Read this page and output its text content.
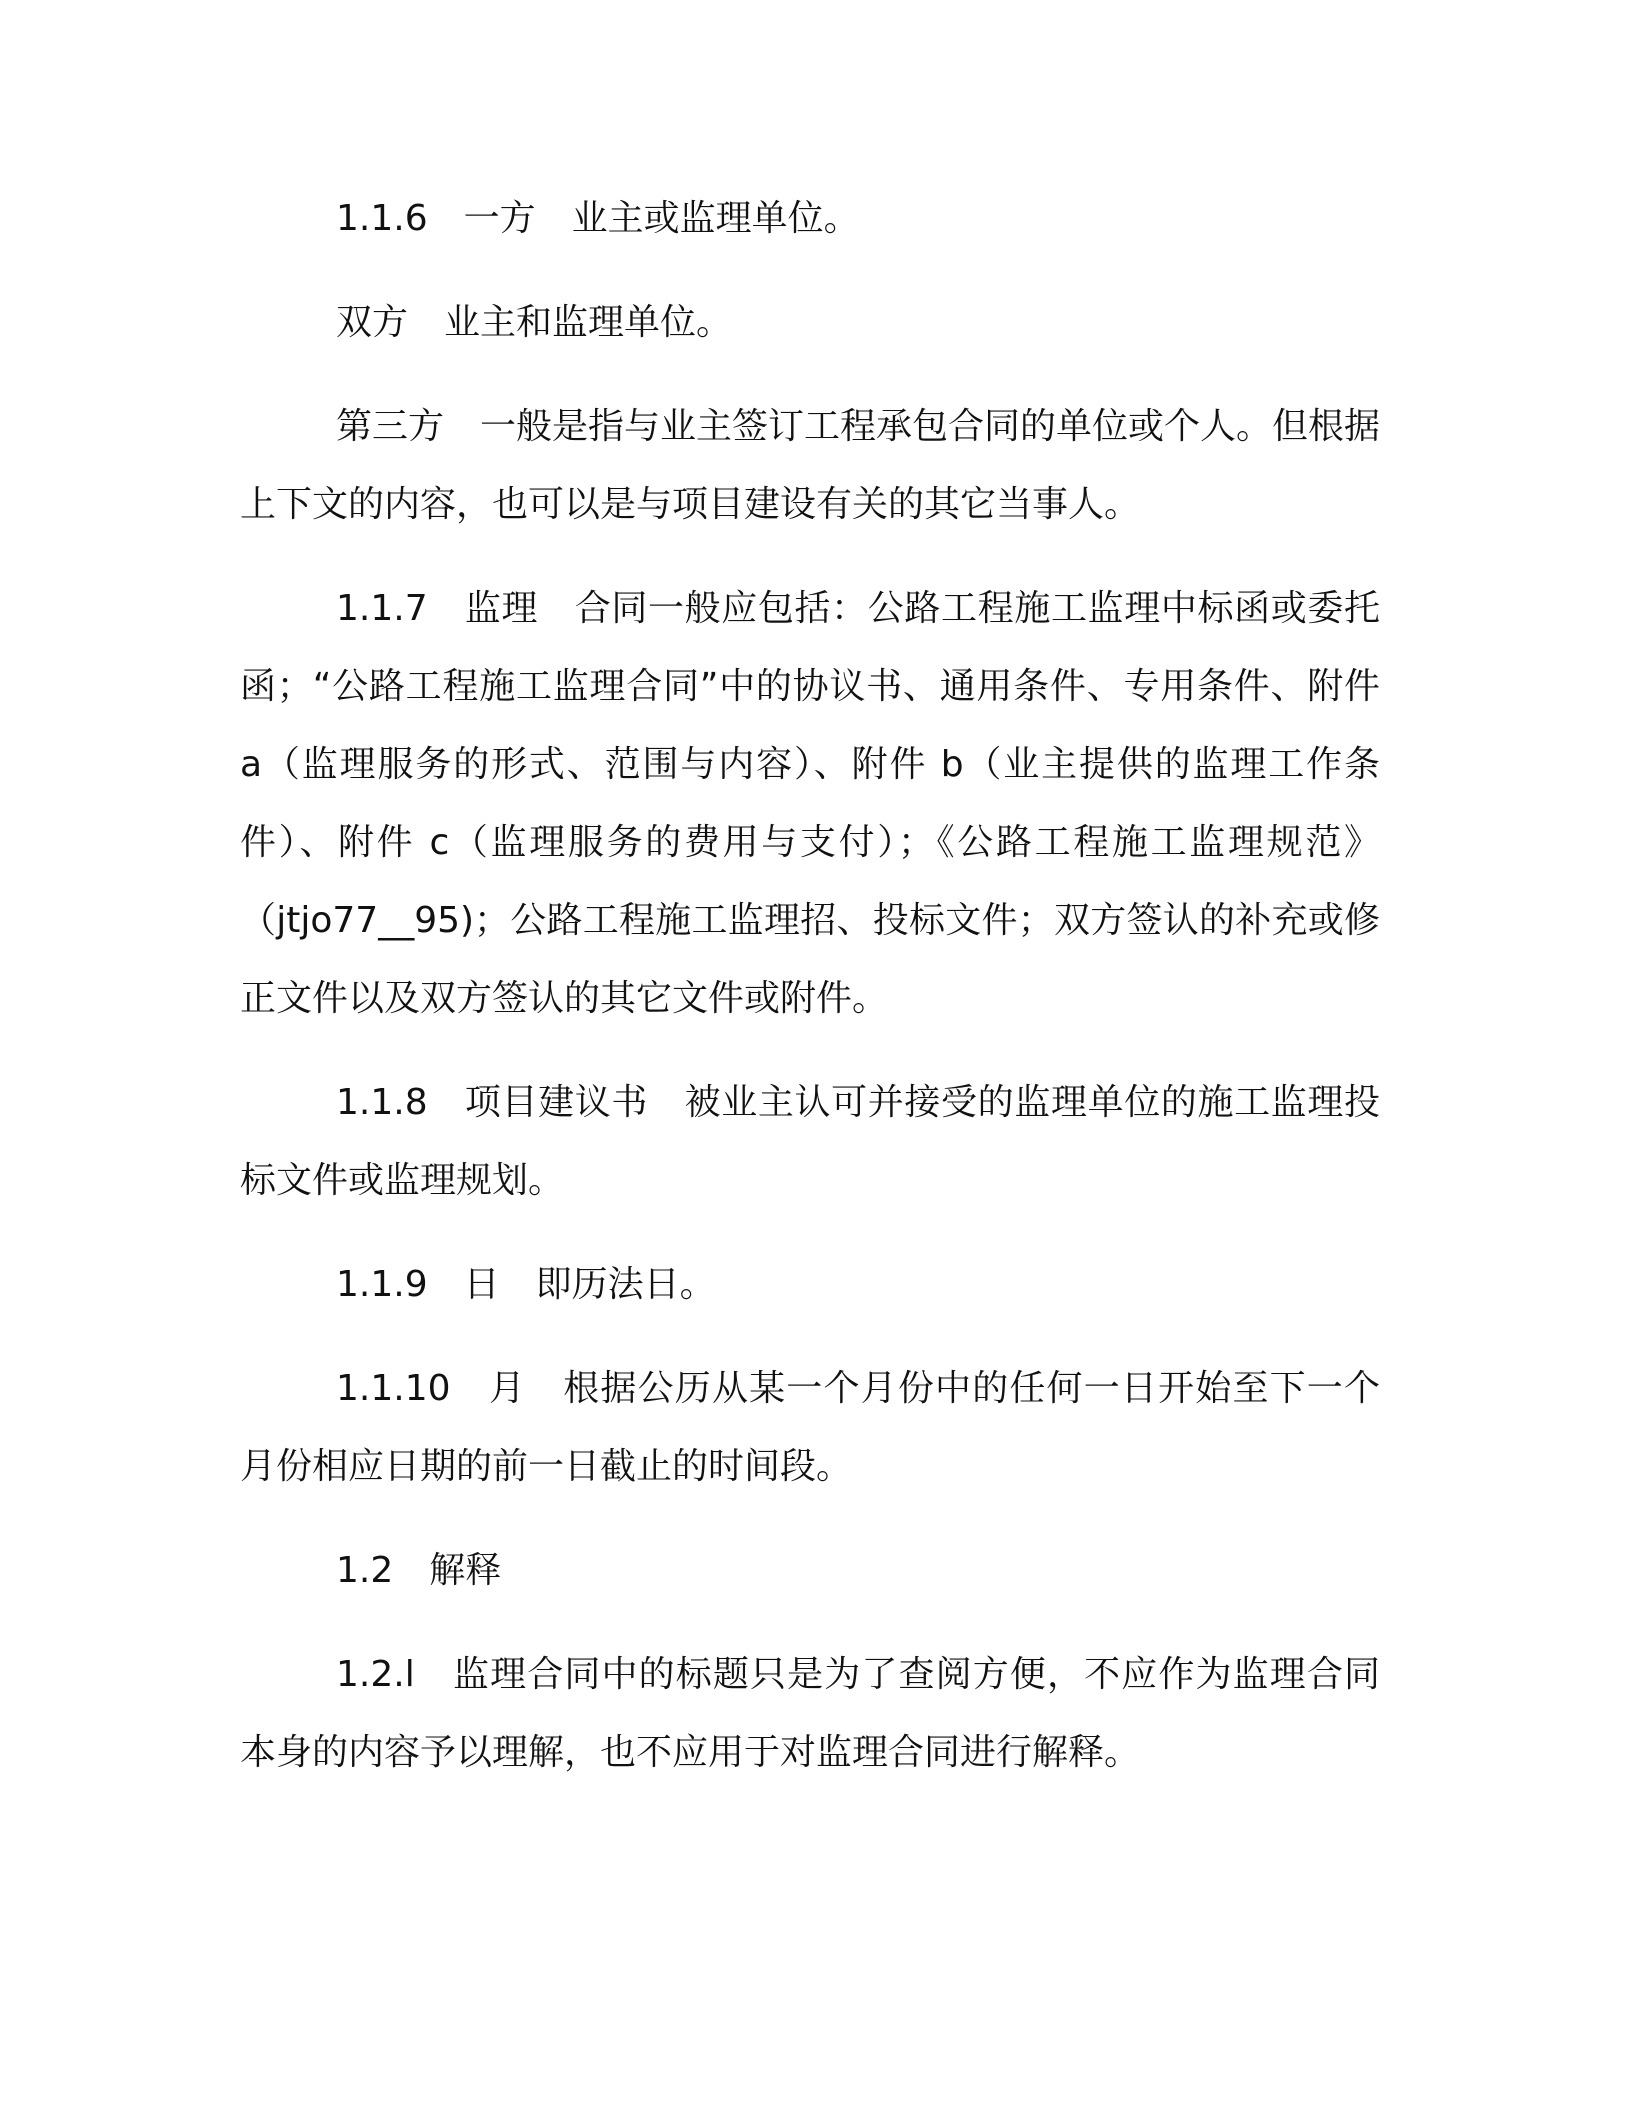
1.1.6　一方　业主或监理单位。

双方　业主和监理单位。

第三方　一般是指与业主签订工程承包合同的单位或个人。但根据上下文的内容，也可以是与项目建设有关的其它当事人。

1.1.7　监理　合同一般应包括：公路工程施工监理中标函或委托函；“公路工程施工监理合同”中的协议书、通用条件、专用条件、附件 a（监理服务的形式、范围与内容）、附件 b（业主提供的监理工作条件）、附件 c（监理服务的费用与支付）；《公路工程施工监理规范》（jtjo77__95)；公路工程施工监理招、投标文件；双方签认的补充或修正文件以及双方签认的其它文件或附件。

1.1.8　项目建议书　被业主认可并接受的监理单位的施工监理投标文件或监理规划。

1.1.9　日　即历法日。

1.1.10　月　根据公历从某一个月份中的任何一日开始至下一个月份相应日期的前一日截止的时间段。

1.2　解释

1.2.l　监理合同中的标题只是为了查阅方便，不应作为监理合同本身的内容予以理解，也不应用于对监理合同进行解释。
